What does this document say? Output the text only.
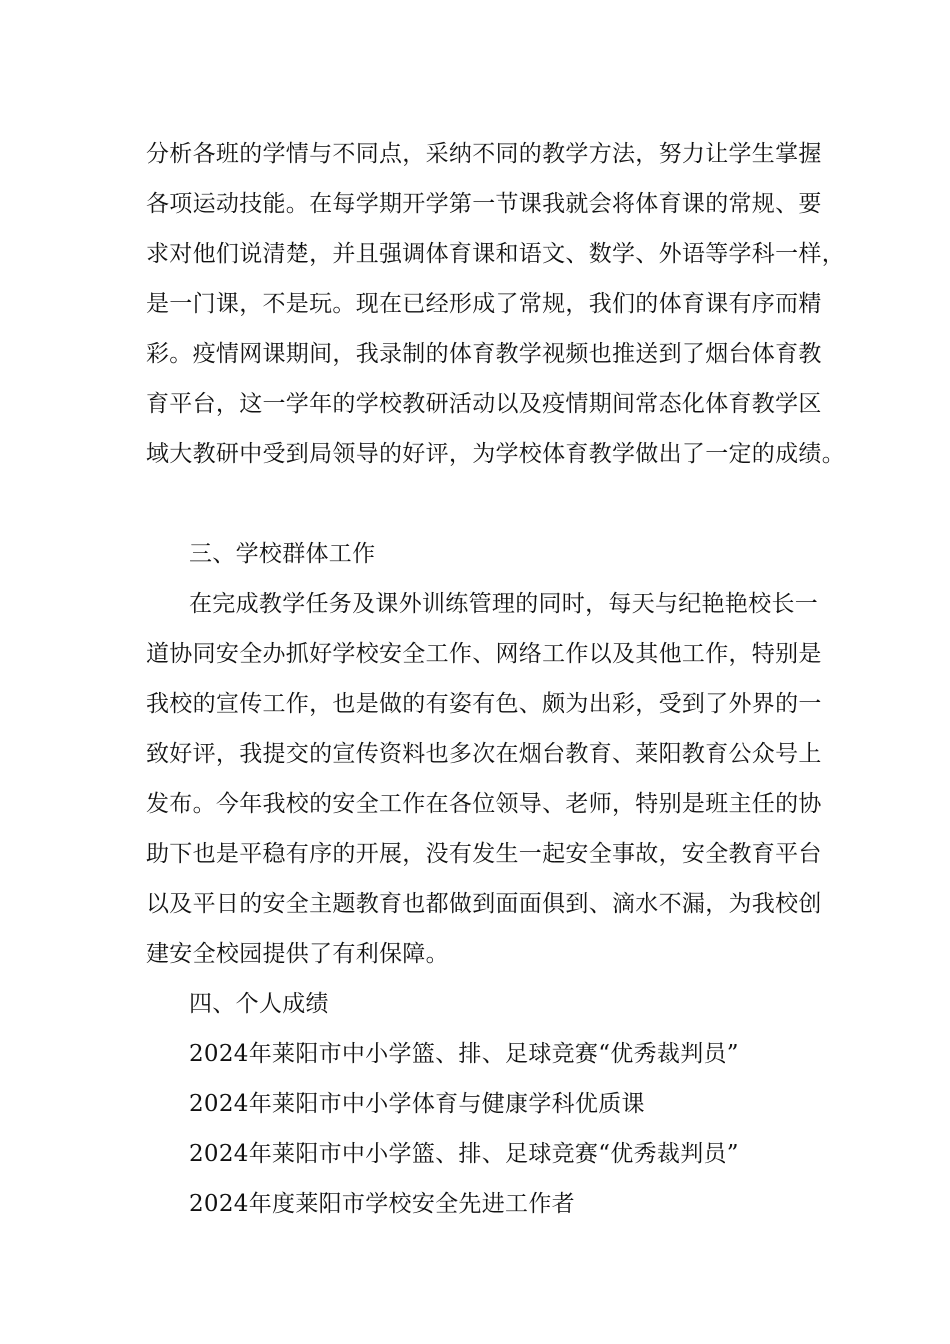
分析各班的学情与不同点，采纳不同的教学方法，努力让学生掌握
各项运动技能。在每学期开学第一节课我就会将体育课的常规、要
求对他们说清楚，并且强调体育课和语文、数学、外语等学科一样，
是一门课，不是玩。现在已经形成了常规，我们的体育课有序而精
彩。疫情网课期间，我录制的体育教学视频也推送到了烟台体育教
育平台，这一学年的学校教研活动以及疫情期间常态化体育教学区
域大教研中受到局领导的好评，为学校体育教学做出了一定的成绩。
三、学校群体工作
在完成教学任务及课外训练管理的同时，每天与纪艳艳校长一
道协同安全办抓好学校安全工作、网络工作以及其他工作，特别是
我校的宣传工作，也是做的有姿有色、颇为出彩，受到了外界的一
致好评，我提交的宣传资料也多次在烟台教育、莱阳教育公众号上
发布。今年我校的安全工作在各位领导、老师，特别是班主任的协
助下也是平稳有序的开展，没有发生一起安全事故，安全教育平台
以及平日的安全主题教育也都做到面面俱到、滴水不漏，为我校创
建安全校园提供了有利保障。
四、个人成绩
2024年莱阳市中小学篮、排、足球竞赛“优秀裁判员”
2024年莱阳市中小学体育与健康学科优质课
2024年莱阳市中小学篮、排、足球竞赛“优秀裁判员”
2024年度莱阳市学校安全先进工作者
